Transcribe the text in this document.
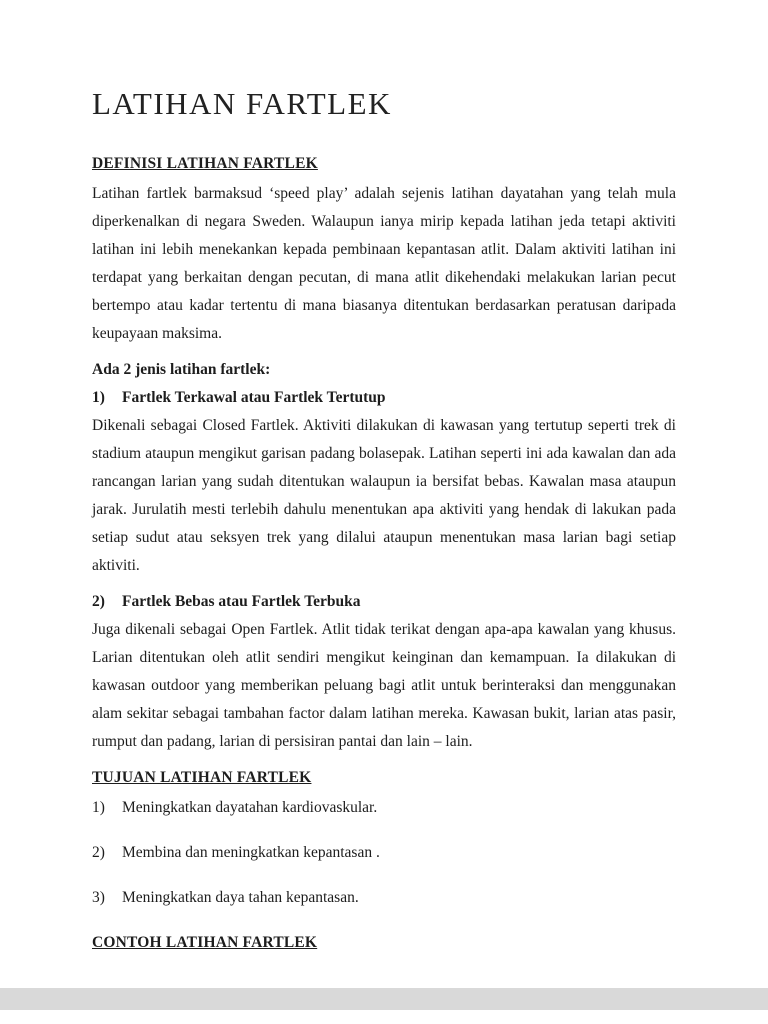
LATIHAN FARTLEK
DEFINISI LATIHAN FARTLEK

Latihan fartlek barmaksud ‘speed play’ adalah sejenis latihan dayatahan yang telah mula diperkenalkan di negara Sweden. Walaupun ianya mirip kepada latihan jeda tetapi aktiviti latihan ini lebih menekankan kepada pembinaan kepantasan atlit. Dalam aktiviti latihan ini terdapat yang berkaitan dengan pecutan, di mana atlit dikehendaki melakukan larian pecut bertempo atau kadar tertentu di mana biasanya ditentukan berdasarkan peratusan daripada keupayaan maksima.

Ada 2 jenis latihan fartlek:
1) Fartlek Terkawal atau Fartlek Tertutup

Dikenali sebagai Closed Fartlek. Aktiviti dilakukan di kawasan yang tertutup seperti trek di stadium ataupun mengikut garisan padang bolasepak. Latihan seperti ini ada kawalan dan ada rancangan larian yang sudah ditentukan walaupun ia bersifat bebas. Kawalan masa ataupun jarak. Jurulatih mesti terlebih dahulu menentukan apa aktiviti yang hendak di lakukan pada setiap sudut atau seksyen trek yang dilalui ataupun menentukan masa larian bagi setiap aktiviti.

2) Fartlek Bebas atau Fartlek Terbuka

Juga dikenali sebagai Open Fartlek. Atlit tidak terikat dengan apa-apa kawalan yang khusus. Larian ditentukan oleh atlit sendiri mengikut keinginan dan kemampuan. Ia dilakukan di kawasan outdoor yang memberikan peluang bagi atlit untuk berinteraksi dan menggunakan alam sekitar sebagai tambahan factor dalam latihan mereka. Kawasan bukit, larian atas pasir, rumput dan padang, larian di persisiran pantai dan lain – lain.

TUJUAN LATIHAN FARTLEK
1) Meningkatkan dayatahan kardiovaskular.
2) Membina dan meningkatkan kepantasan .
3) Meningkatkan daya tahan kepantasan.
CONTOH LATIHAN FARTLEK
